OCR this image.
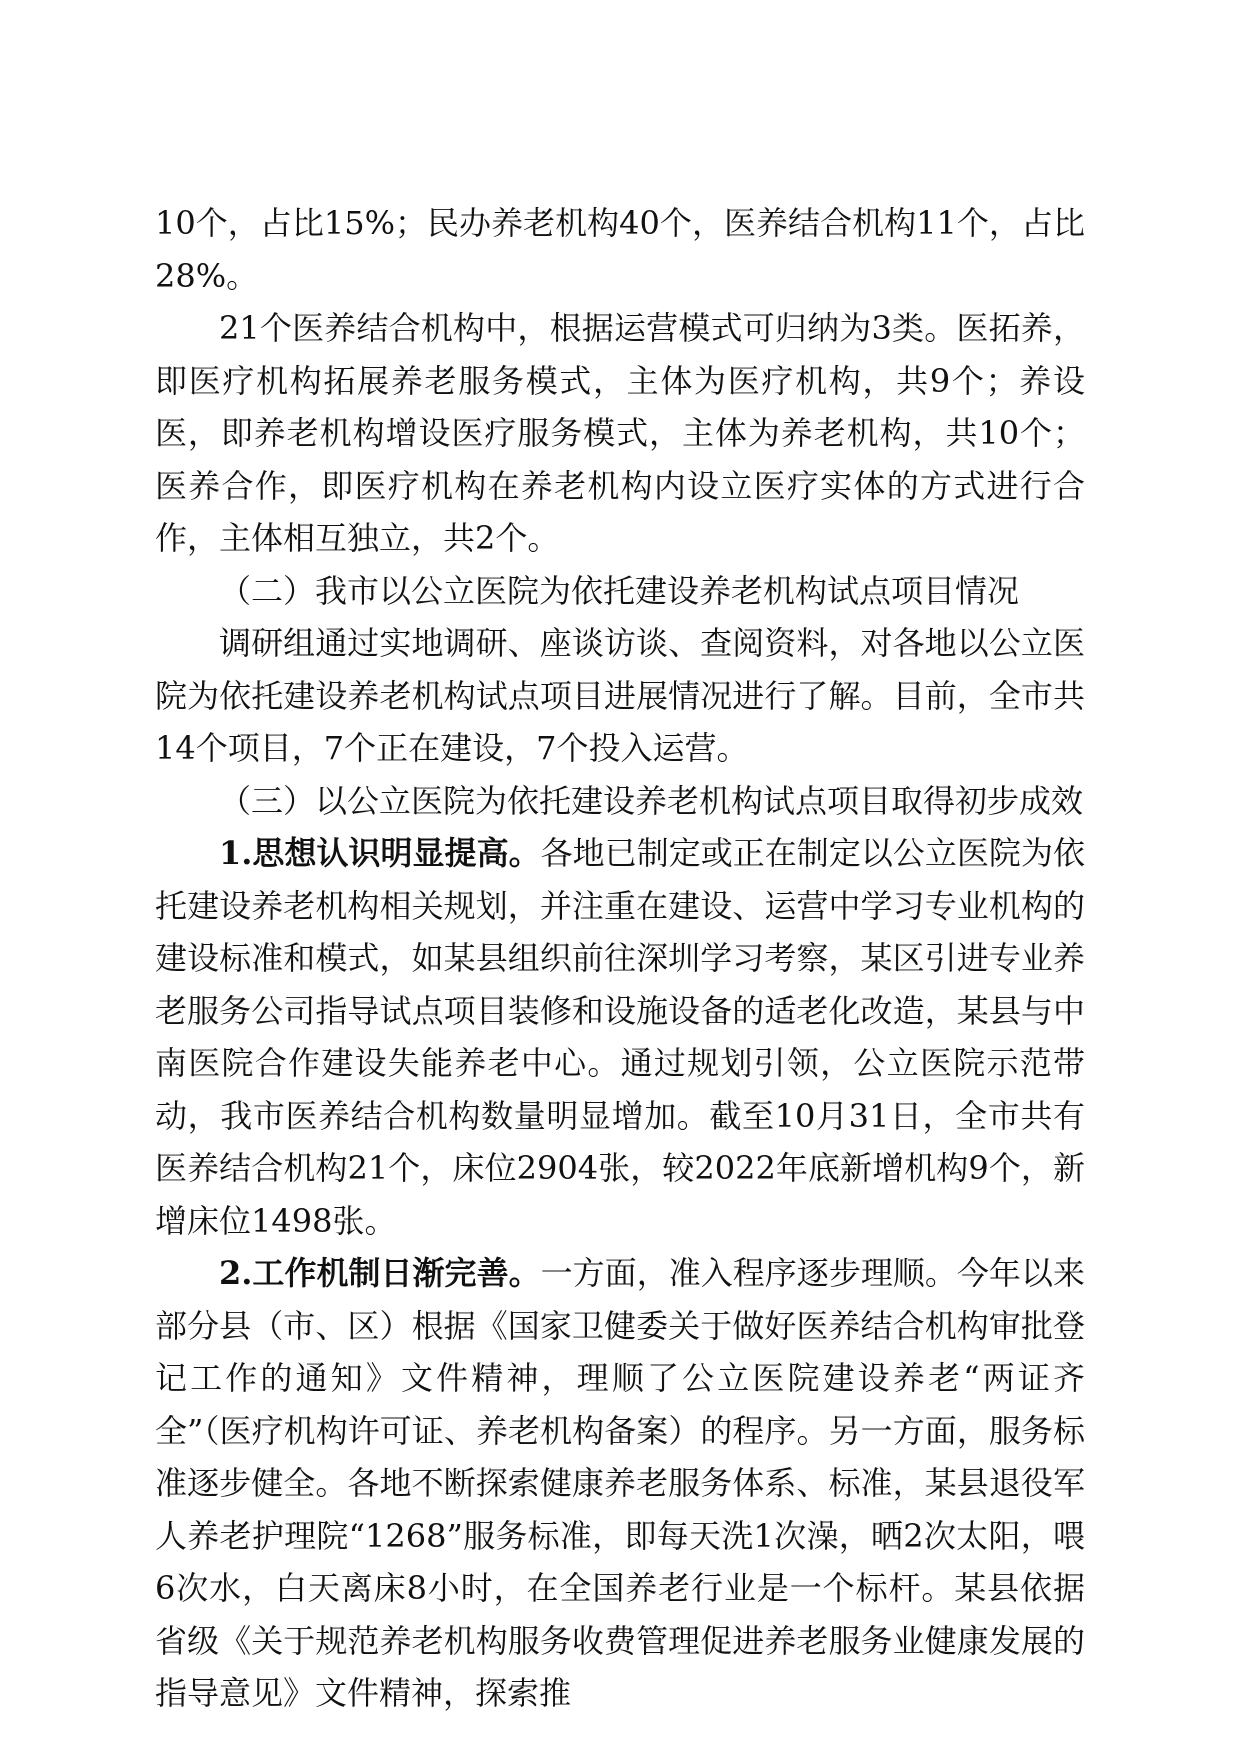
10个，占比15%；民办养老机构40个，医养结合机构11个，占比28%。

21个医养结合机构中，根据运营模式可归纳为3类。医拓养，即医疗机构拓展养老服务模式，主体为医疗机构，共9个；养设医，即养老机构增设医疗服务模式，主体为养老机构，共10个；医养合作，即医疗机构在养老机构内设立医疗实体的方式进行合作，主体相互独立，共2个。

（二）我市以公立医院为依托建设养老机构试点项目情况

调研组通过实地调研、座谈访谈、查阅资料，对各地以公立医院为依托建设养老机构试点项目进展情况进行了解。目前，全市共14个项目，7个正在建设，7个投入运营。

（三）以公立医院为依托建设养老机构试点项目取得初步成效

1.思想认识明显提高。各地已制定或正在制定以公立医院为依托建设养老机构相关规划，并注重在建设、运营中学习专业机构的建设标准和模式，如某县组织前往深圳学习考察，某区引进专业养老服务公司指导试点项目装修和设施设备的适老化改造，某县与中南医院合作建设失能养老中心。通过规划引领，公立医院示范带动，我市医养结合机构数量明显增加。截至10月31日，全市共有医养结合机构21个，床位2904张，较2022年底新增机构9个，新增床位1498张。

2.工作机制日渐完善。一方面，准入程序逐步理顺。今年以来部分县（市、区）根据《国家卫健委关于做好医养结合机构审批登记工作的通知》文件精神，理顺了公立医院建设养老“两证齐全”（医疗机构许可证、养老机构备案）的程序。另一方面，服务标准逐步健全。各地不断探索健康养老服务体系、标准，某县退役军人养老护理院“1268”服务标准，即每天洗1次澡，晒2次太阳，喂6次水，白天离床8小时，在全国养老行业是一个标杆。某县依据省级《关于规范养老机构服务收费管理促进养老服务业健康发展的指导意见》文件精神，探索推
